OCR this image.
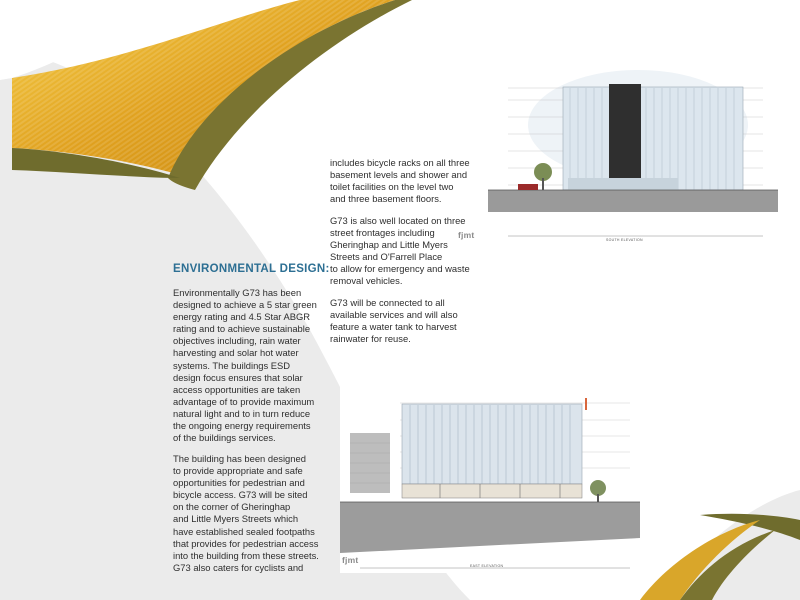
ENVIRONMENTAL DESIGN:

Environmentally G73 has been
designed to achieve a 5 star green
energy rating and 4.5 Star ABGR
rating and to achieve sustainable
objectives including, rain water
harvesting and solar hot water
systems. The buildings ESD
design focus ensures that solar
access opportunities are taken
advantage of to provide maximum
natural light and to in turn reduce
the ongoing energy requirements
of the buildings services.

The building has been designed
to provide appropriate and safe
opportunities for pedestrian and
bicycle access. G73 will be sited
on the corner of Gheringhap
and Little Myers Streets which
have established sealed footpaths
that provides for pedestrian access
into the building from these streets.
G73 also caters for cyclists and

includes bicycle racks on all three
basement levels and shower and
toilet facilities on the level two
and three basement floors.

G73 is also well located on three
street frontages including
Gheringhap and Little Myers
Streets and O'Farrell Place
to allow for emergency and waste
removal vehicles.

G73 will be connected to all
available services and will also
feature a water tank to harvest
rainwater for reuse.

SOUTH ELEVATION
fjmt
EAST ELEVATION
fjmt
